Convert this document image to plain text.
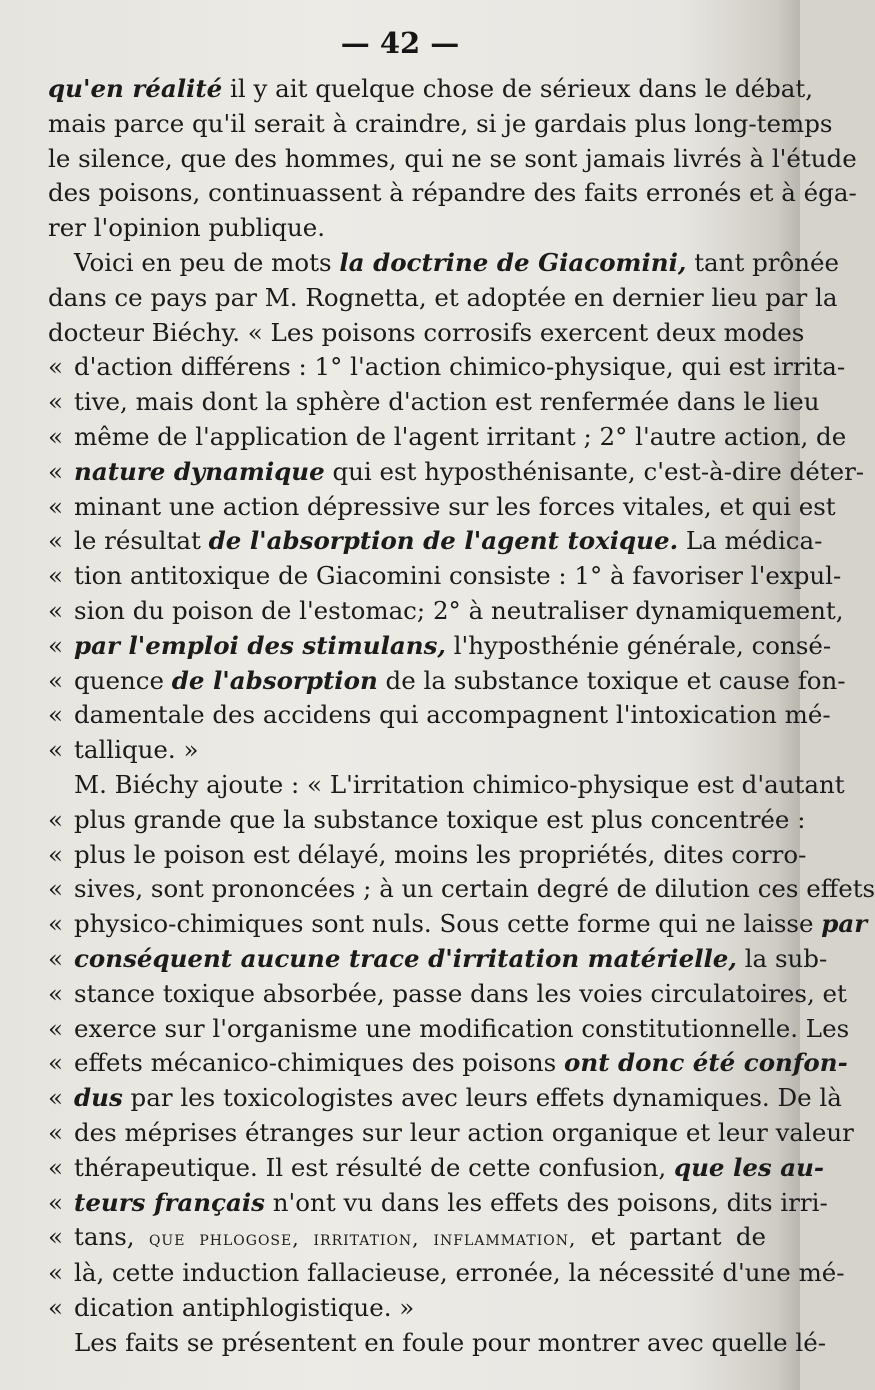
— 42 —
qu'en réalité il y ait quelque chose de sérieux dans le débat,
mais parce qu'il serait à craindre, si je gardais plus long-temps
le silence, que des hommes, qui ne se sont jamais livrés à l'étude
des poisons, continuassent à répandre des faits erronés et à éga-
rer l'opinion publique.
Voici en peu de mots la doctrine de Giacomini, tant prônée
dans ce pays par M. Rognetta, et adoptée en dernier lieu par la
docteur Biéchy. « Les poisons corrosifs exercent deux modes
« d'action différens : 1° l'action chimico-physique, qui est irrita-
« tive, mais dont la sphère d'action est renfermée dans le lieu
« même de l'application de l'agent irritant ; 2° l'autre action, de
« nature dynamique qui est hyposthénisante, c'est-à-dire déter-
« minant une action dépressive sur les forces vitales, et qui est
« le résultat de l'absorption de l'agent toxique. La médica-
« tion antitoxique de Giacomini consiste : 1° à favoriser l'expul-
« sion du poison de l'estomac; 2° à neutraliser dynamiquement,
« par l'emploi des stimulans, l'hyposthénie générale, consé-
« quence de l'absorption de la substance toxique et cause fon-
« damentale des accidens qui accompagnent l'intoxication mé-
« tallique. »
M. Biéchy ajoute : « L'irritation chimico-physique est d'autant
« plus grande que la substance toxique est plus concentrée :
« plus le poison est délayé, moins les propriétés, dites corro-
« sives, sont prononcées ; à un certain degré de dilution ces effets
« physico-chimiques sont nuls. Sous cette forme qui ne laisse par
« conséquent aucune trace d'irritation matérielle, la sub-
« stance toxique absorbée, passe dans les voies circulatoires, et
« exerce sur l'organisme une modification constitutionnelle. Les
« effets mécanico-chimiques des poisons ont donc été confon-
« dus par les toxicologistes avec leurs effets dynamiques. De là
« des méprises étranges sur leur action organique et leur valeur
« thérapeutique. Il est résulté de cette confusion, que les au-
« teurs français n'ont vu dans les effets des poisons, dits irri-
« tans, que phlogose, irritation, inflammation, et partant de
« là, cette induction fallacieuse, erronée, la nécessité d'une mé-
« dication antiphlogistique. »
Les faits se présentent en foule pour montrer avec quelle lé-
